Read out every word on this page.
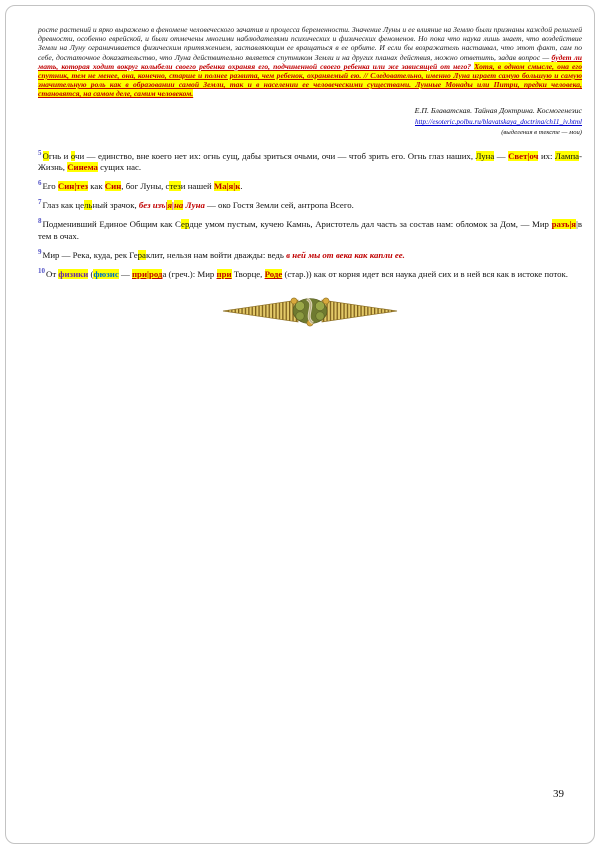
росте растений и ярко выражено в феномене человеческого зачатия и процесса беременности. Значение Луны и ее влияние на Землю были признаны каждой религией древности, особенно еврейской, и были отмечены многими наблюдателями психических и физических феноменов. Но пока что наука лишь знает, что воздействие Земли на Луну ограничивается физическим притяжением, заставляющим ее вращаться в ее орбите. И если бы возражатель настаивал, что этот факт, сам по себе, достаточное доказательство, что Луна действительно является спутником Земли и на других планах действия, можно ответить, задав вопрос — будет ли мать, которая ходит вокруг колыбели своего ребенка охраняя его, подчиненной своего ребенка или же зависящей от него? Хотя, в одном смысле, она его спутник, тем не менее, она, конечно, старше и полнее развита, чем ребенок, охраняемый ею. // Следовательно, именно Луна играет самую большую и самую значительную роль как в образовании самой Земли, так и в населении ее человеческими существами. Лунные Монады или Питри, предки человека, становятся, на самом деле, самим человеком.

Е.П. Блаватская. Тайная Доктрина. Космогенезис
http://esoteric.polbu.ru/blavatskaya_doctrina/ch11_iv.html
(выделения в тексте — мои)

$^5$Огнь и очи — единство, вне коего нет их: огнь сущ, дабы зриться очьми, очи — чтоб зрить его. Огнь глаз наших, Луна — Свет|оч их: Лампа-Жизнь, Синема сущих нас.

$^6$Его Син|тез как Син, бог Луны, стези нашей Ма|я|к.

$^7$Глаз как цельный зрачок, без изъ|я|на Луна — око Гостя Земли сей, антропа Всего.

$^8$Подменивший Единое Общим как Сердце умом пустым, кучею Камнь, Аристотель дал часть за состав нам: обломок за Дом, — Мир разъ|я|в тем в очах.

$^9$Мир — Река, куда, рек Гераклит, нельзя нам войти дважды: ведь в ней мы от века как капли ее.

$^{10}$От физики (фюзис — при|рода (греч.): Мир при Творце, Роде (стар.)) как от корня идет вся наука дней сих и в ней вся как в истоке поток.

39
